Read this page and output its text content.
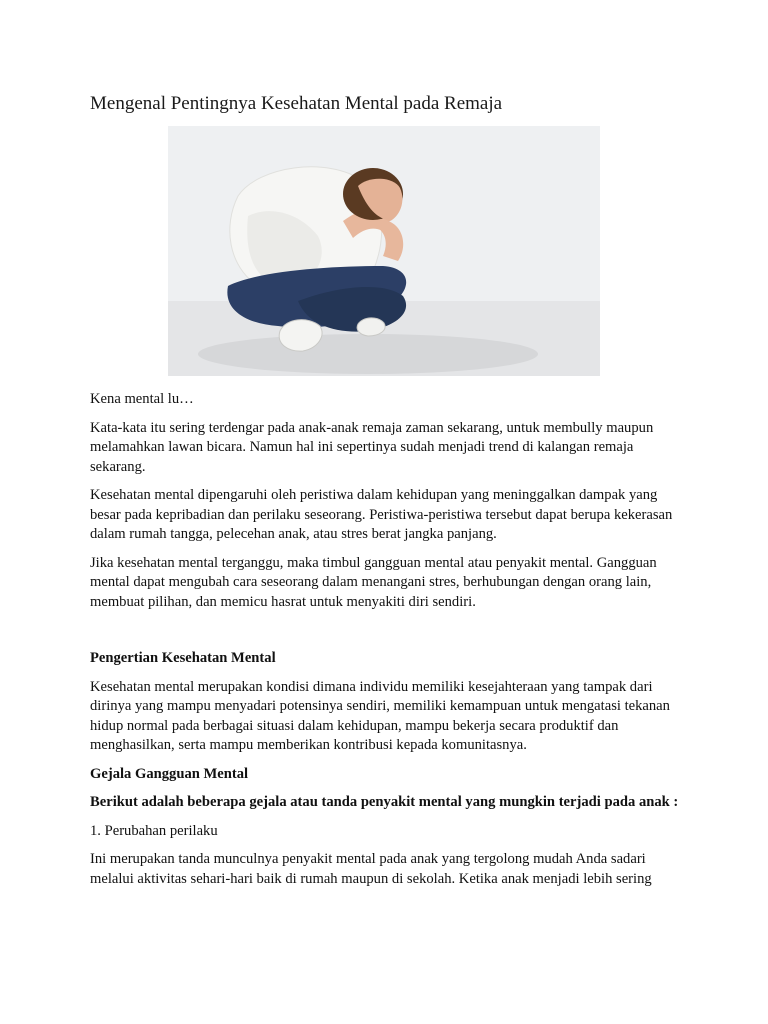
Mengenal Pentingnya Kesehatan Mental pada Remaja

Kena mental lu…

Kata-kata itu sering terdengar pada anak-anak remaja zaman sekarang, untuk membully maupun melamahkan lawan bicara. Namun hal ini sepertinya sudah menjadi trend di kalangan remaja sekarang.

Kesehatan mental dipengaruhi oleh peristiwa dalam kehidupan yang meninggalkan dampak yang besar pada kepribadian dan perilaku seseorang. Peristiwa-peristiwa tersebut dapat berupa kekerasan dalam rumah tangga, pelecehan anak, atau stres berat jangka panjang.

Jika kesehatan mental terganggu, maka timbul gangguan mental atau penyakit mental. Gangguan mental dapat mengubah cara seseorang dalam menangani stres, berhubungan dengan orang lain, membuat pilihan, dan memicu hasrat untuk menyakiti diri sendiri.

Pengertian Kesehatan Mental

Kesehatan mental merupakan kondisi dimana individu memiliki kesejahteraan yang tampak dari dirinya yang mampu menyadari potensinya sendiri, memiliki kemampuan untuk mengatasi tekanan hidup normal pada berbagai situasi dalam kehidupan, mampu bekerja secara produktif dan menghasilkan, serta mampu memberikan kontribusi kepada komunitasnya.

Gejala Gangguan Mental

Berikut adalah beberapa gejala atau tanda penyakit mental yang mungkin terjadi pada anak :

1. Perubahan perilaku

Ini merupakan tanda munculnya penyakit mental pada anak yang tergolong mudah Anda sadari melalui aktivitas sehari-hari baik di rumah maupun di sekolah. Ketika anak menjadi lebih sering
